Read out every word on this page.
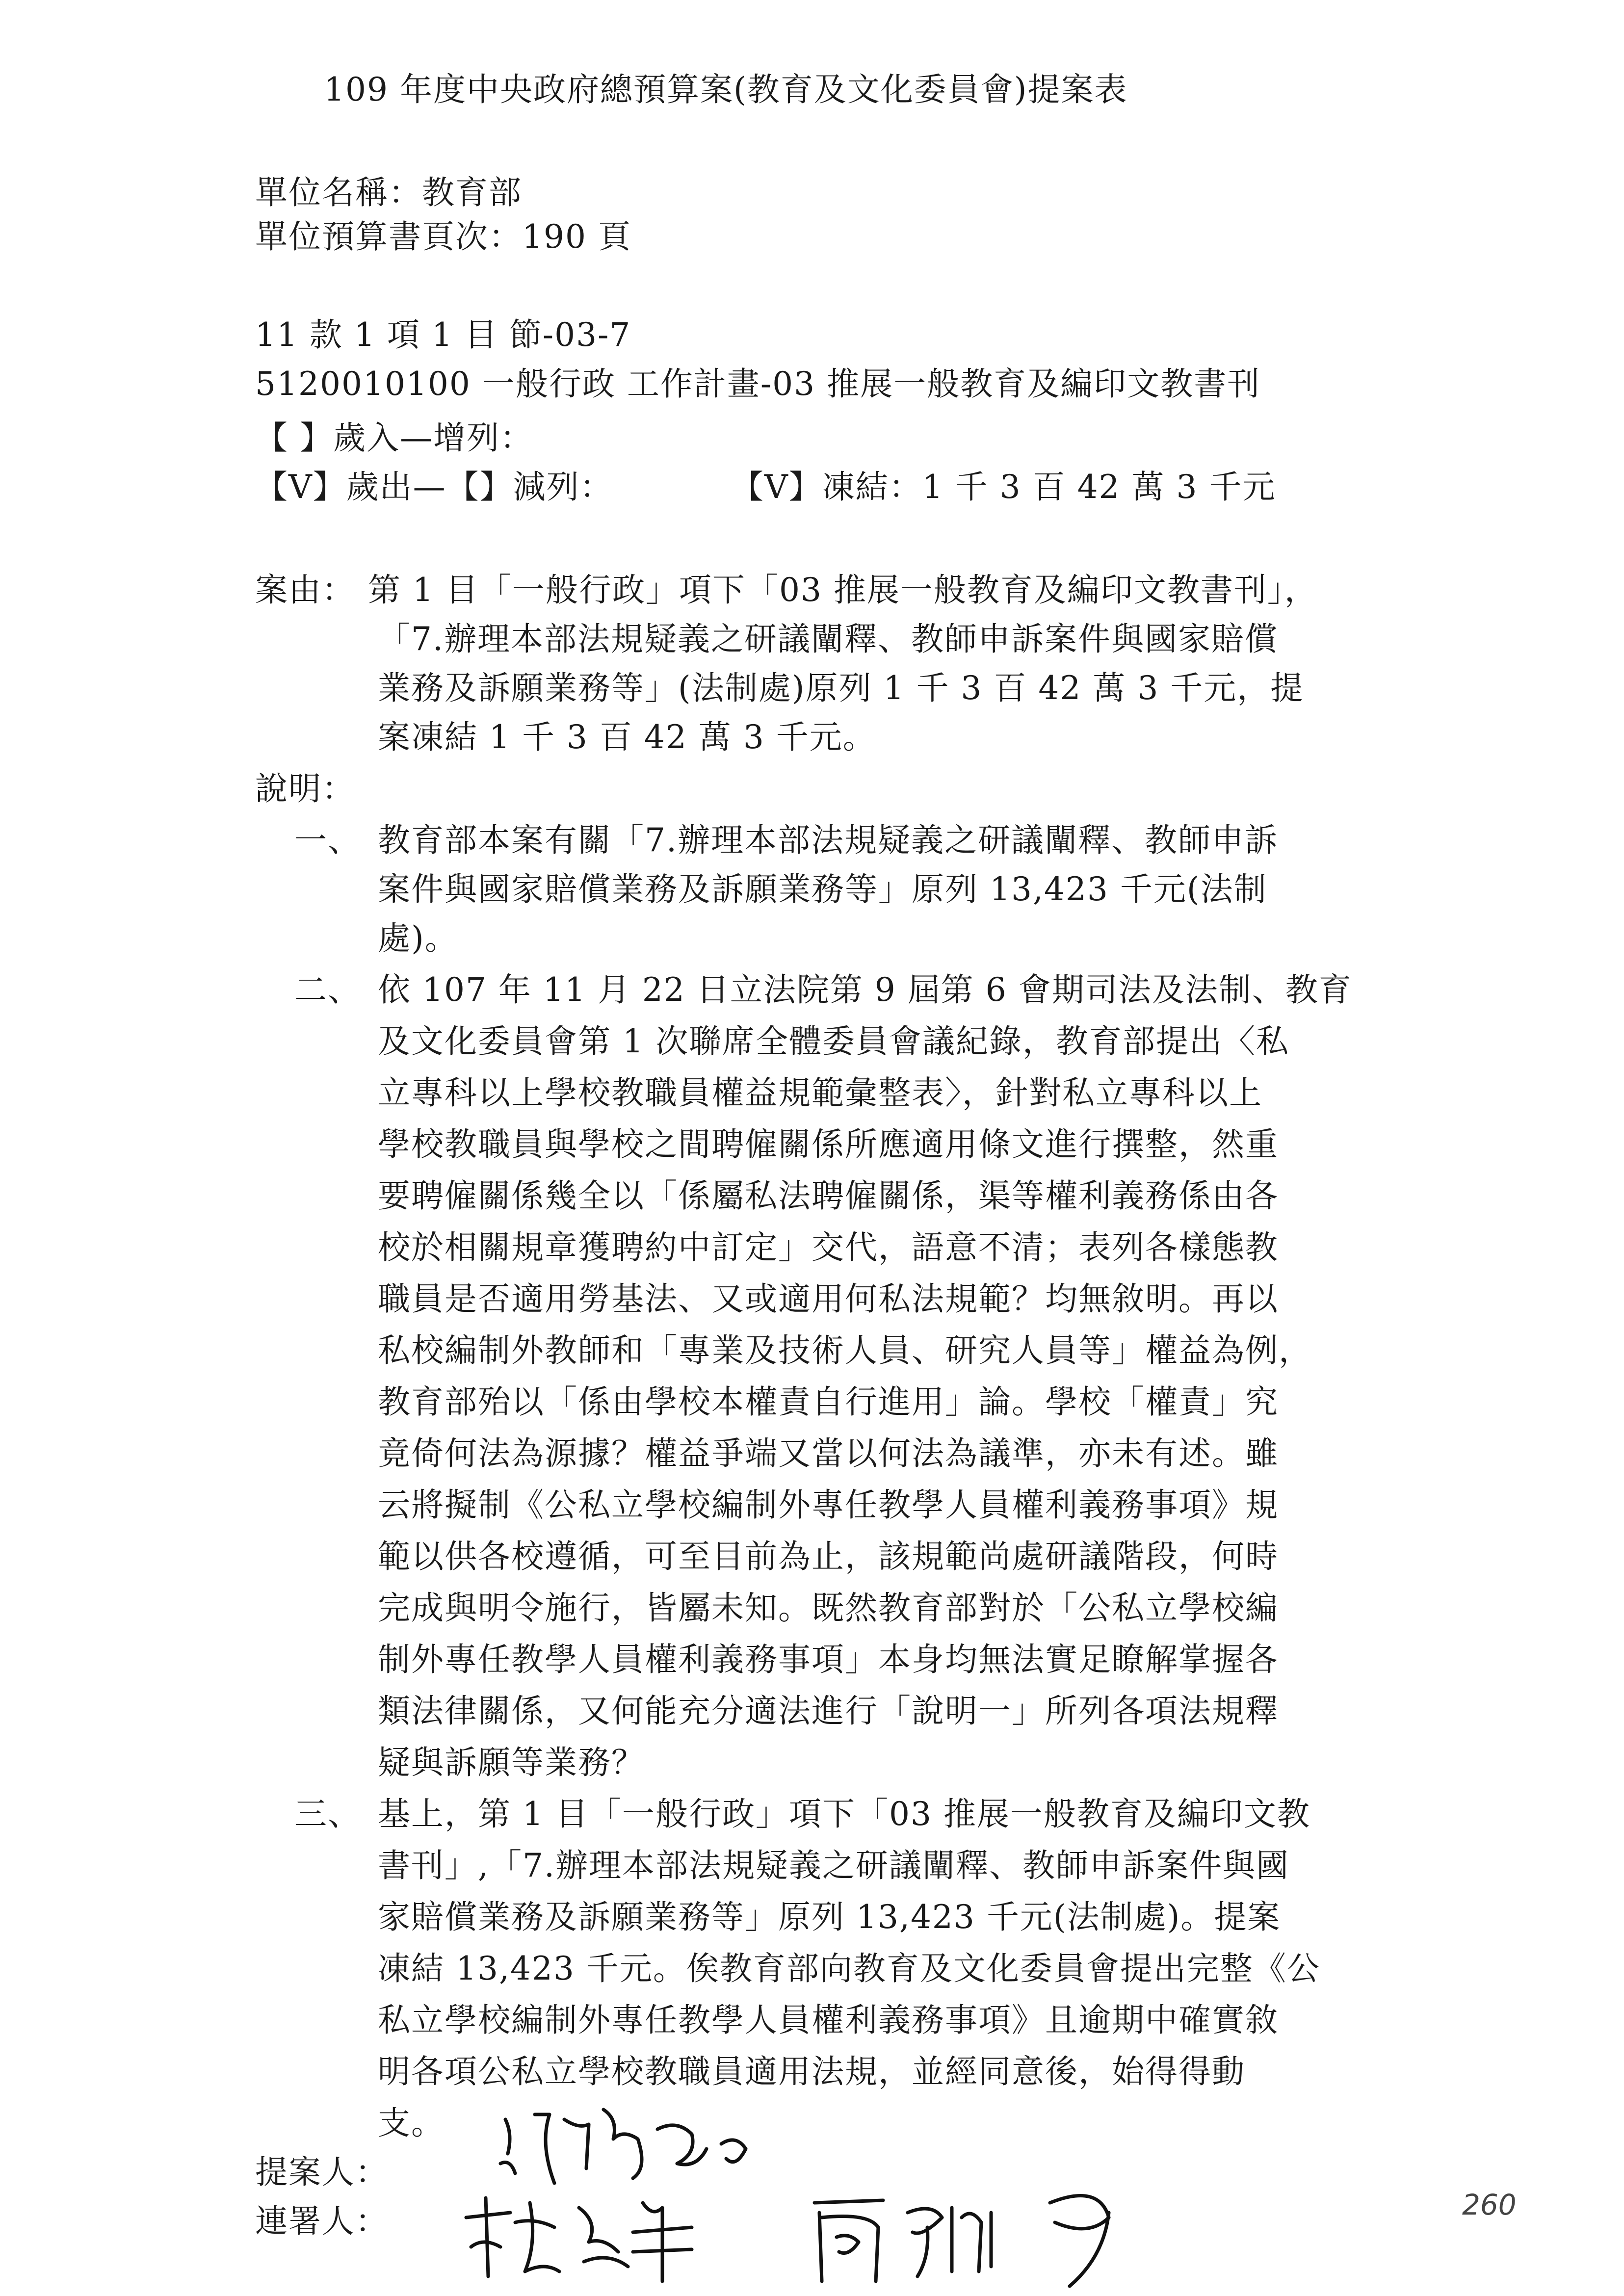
109 年度中央政府總預算案(教育及文化委員會)提案表
單位名稱：教育部
單位預算書頁次：190 頁
11 款 1 項 1 目 節-03-7
5120010100 一般行政 工作計畫-03 推展一般教育及編印文教書刊
【 】歲入—增列：
【V】歲出—【】減列：	【V】凍結：1 千 3 百 42 萬 3 千元
案由： 第 1 目「一般行政」項下「03 推展一般教育及編印文教書刊」，
「7.辦理本部法規疑義之研議闡釋、教師申訴案件與國家賠償
業務及訴願業務等」(法制處)原列 1 千 3 百 42 萬 3 千元，提
案凍結 1 千 3 百 42 萬 3 千元。
說明：
一、 教育部本案有關「7.辦理本部法規疑義之研議闡釋、教師申訴
案件與國家賠償業務及訴願業務等」原列 13,423 千元(法制
處)。
二、 依 107 年 11 月 22 日立法院第 9 屆第 6 會期司法及法制、教育
及文化委員會第 1 次聯席全體委員會議紀錄，教育部提出〈私
立專科以上學校教職員權益規範彙整表〉，針對私立專科以上
學校教職員與學校之間聘僱關係所應適用條文進行撰整，然重
要聘僱關係幾全以「係屬私法聘僱關係，渠等權利義務係由各
校於相關規章獲聘約中訂定」交代，語意不清；表列各樣態教
職員是否適用勞基法、又或適用何私法規範？均無敘明。再以
私校編制外教師和「專業及技術人員、研究人員等」權益為例，
教育部殆以「係由學校本權責自行進用」論。學校「權責」究
竟倚何法為源據？權益爭端又當以何法為議準，亦未有述。雖
云將擬制《公私立學校編制外專任教學人員權利義務事項》規
範以供各校遵循，可至目前為止，該規範尚處研議階段，何時
完成與明令施行，皆屬未知。既然教育部對於「公私立學校編
制外專任教學人員權利義務事項」本身均無法實足瞭解掌握各
類法律關係，又何能充分適法進行「說明一」所列各項法規釋
疑與訴願等業務？
三、 基上，第 1 目「一般行政」項下「03 推展一般教育及編印文教
書刊」,「7.辦理本部法規疑義之研議闡釋、教師申訴案件與國
家賠償業務及訴願業務等」原列 13,423 千元(法制處)。提案
凍結 13,423 千元。俟教育部向教育及文化委員會提出完整《公
私立學校編制外專任教學人員權利義務事項》且逾期中確實敘
明各項公私立學校教職員適用法規，並經同意後，始得得動
支。
提案人：
連署人：	260
